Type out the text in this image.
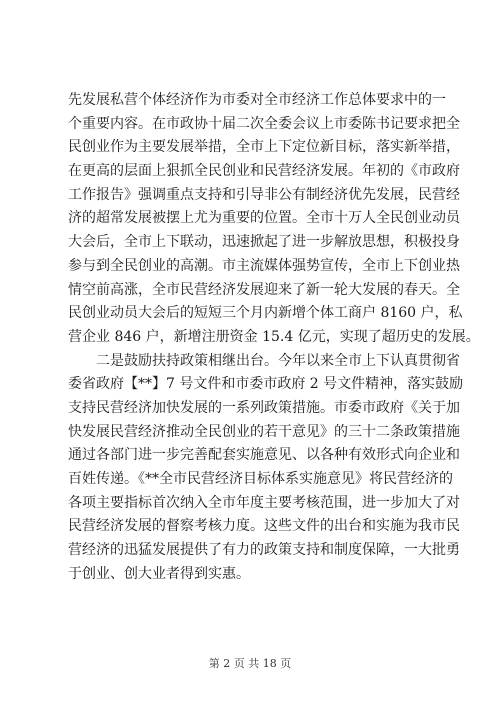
先发展私营个体经济作为市委对全市经济工作总体要求中的一
个重要内容。在市政协十届二次全委会议上市委陈书记要求把全
民创业作为主要发展举措，全市上下定位新目标，落实新举措，
在更高的层面上狠抓全民创业和民营经济发展。年初的《市政府
工作报告》强调重点支持和引导非公有制经济优先发展，民营经
济的超常发展被摆上尤为重要的位置。全市十万人全民创业动员
大会后，全市上下联动，迅速掀起了进一步解放思想，积极投身
参与到全民创业的高潮。市主流媒体强势宣传，全市上下创业热
情空前高涨，全市民营经济发展迎来了新一轮大发展的春天。全
民创业动员大会后的短短三个月内新增个体工商户 8160 户，私
营企业 846 户，新增注册资金 15.4 亿元，实现了超历史的发展。
二是鼓励扶持政策相继出台。今年以来全市上下认真贯彻省
委省政府【**】7 号文件和市委市政府 2 号文件精神，落实鼓励
支持民营经济加快发展的一系列政策措施。市委市政府《关于加
快发展民营经济推动全民创业的若干意见》的三十二条政策措施
通过各部门进一步完善配套实施意见、以各种有效形式向企业和
百姓传递。《**全市民营经济目标体系实施意见》将民营经济的
各项主要指标首次纳入全市年度主要考核范围，进一步加大了对
民营经济发展的督察考核力度。这些文件的出台和实施为我市民
营经济的迅猛发展提供了有力的政策支持和制度保障，一大批勇
于创业、创大业者得到实惠。
第 2 页 共 18 页
